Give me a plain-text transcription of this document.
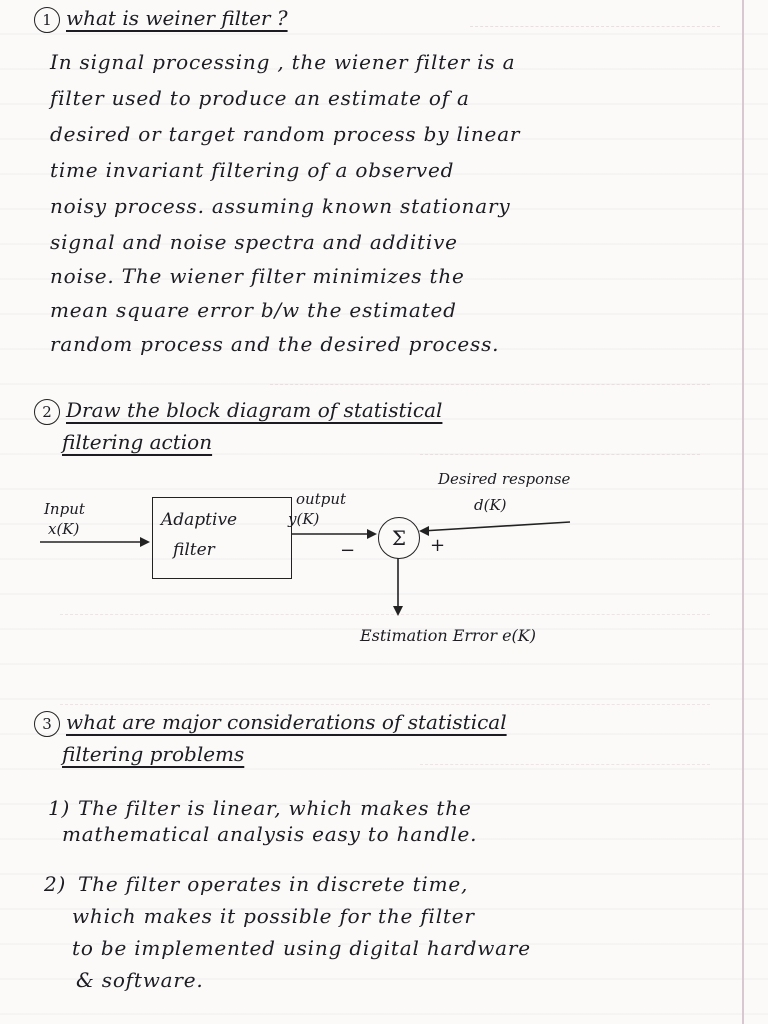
1 what is weiner filter ?
In signal processing , the wiener filter is a
filter used to produce an estimate of a
desired or target random process by linear
time invariant filtering of a observed
noisy process. assuming known stationary
signal and noise spectra and additive
noise. The wiener filter minimizes the
mean square error b/w the estimated
random process and the desired process.
2 Draw the block diagram of statistical
filtering action
Input
x(K)	Adaptive
filter
output
y(K)
Σ
−	+
Desired response
d(K)
Estimation Error e(K)
3 what are major considerations of statistical
filtering problems
1) The filter is linear, which makes the
mathematical analysis easy to handle.
2) The filter operates in discrete time,
which makes it possible for the filter
to be implemented using digital hardware
& software.
